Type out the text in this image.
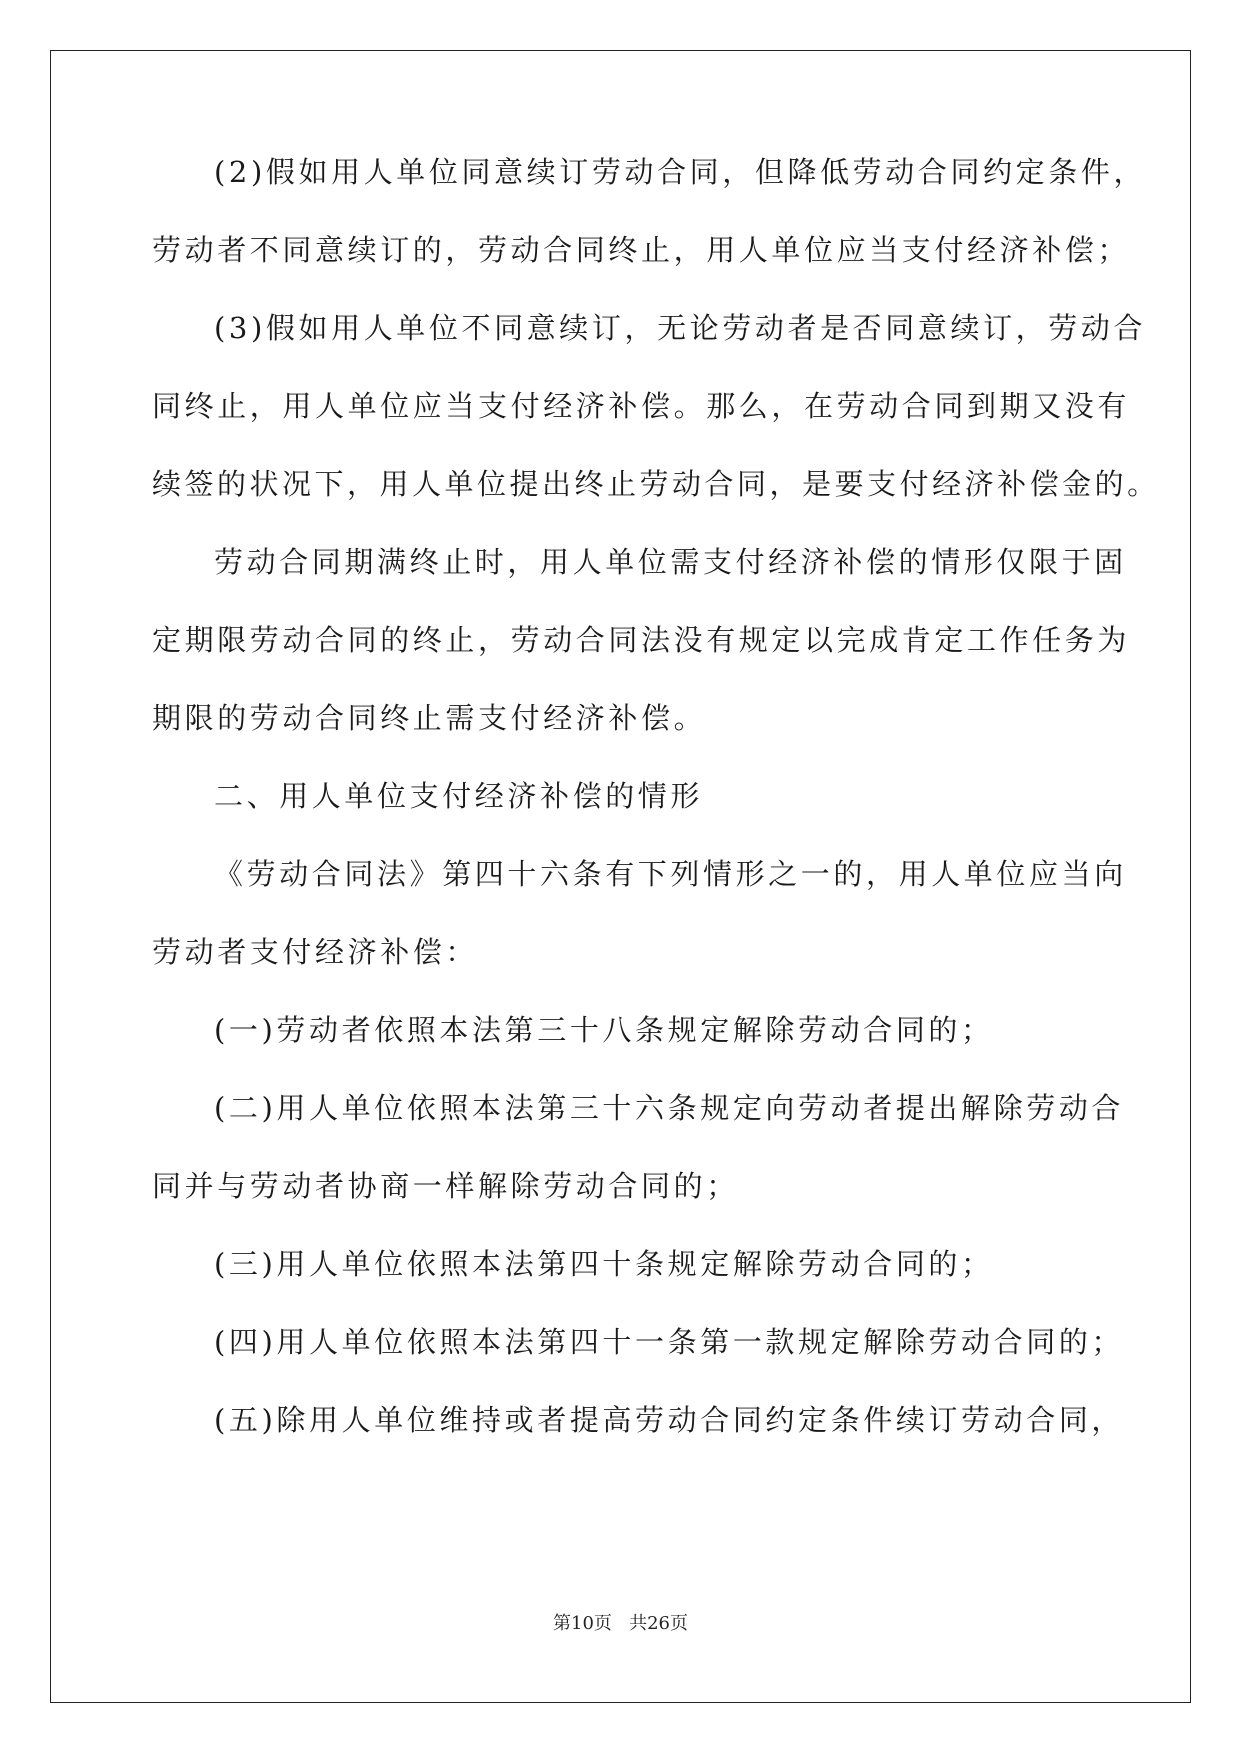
(2)假如用人单位同意续订劳动合同，但降低劳动合同约定条件，
劳动者不同意续订的，劳动合同终止，用人单位应当支付经济补偿；
(3)假如用人单位不同意续订，无论劳动者是否同意续订，劳动合
同终止，用人单位应当支付经济补偿。那么，在劳动合同到期又没有
续签的状况下，用人单位提出终止劳动合同，是要支付经济补偿金的。
劳动合同期满终止时，用人单位需支付经济补偿的情形仅限于固
定期限劳动合同的终止，劳动合同法没有规定以完成肯定工作任务为
期限的劳动合同终止需支付经济补偿。
二、用人单位支付经济补偿的情形
《劳动合同法》第四十六条有下列情形之一的，用人单位应当向
劳动者支付经济补偿：
(一)劳动者依照本法第三十八条规定解除劳动合同的；
(二)用人单位依照本法第三十六条规定向劳动者提出解除劳动合
同并与劳动者协商一样解除劳动合同的；
(三)用人单位依照本法第四十条规定解除劳动合同的；
(四)用人单位依照本法第四十一条第一款规定解除劳动合同的；
(五)除用人单位维持或者提高劳动合同约定条件续订劳动合同，
第10页   共26页
